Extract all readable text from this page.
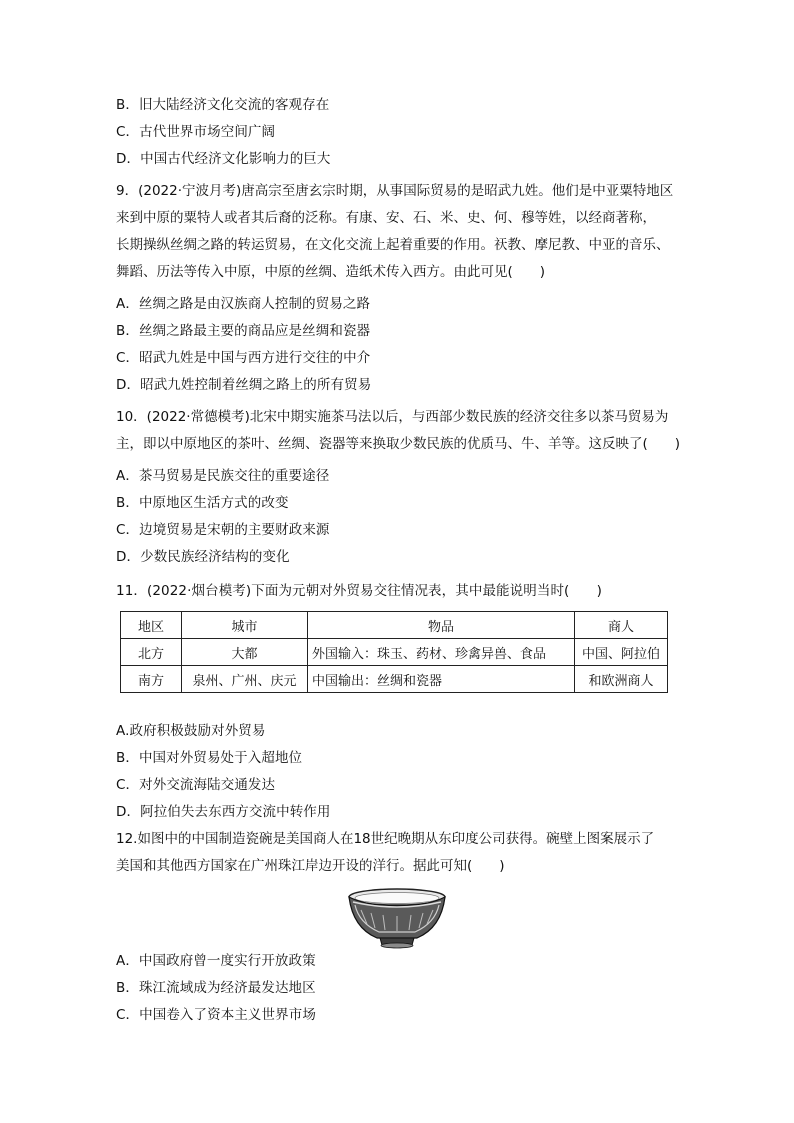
B．旧大陆经济文化交流的客观存在
C．古代世界市场空间广阔
D．中国古代经济文化影响力的巨大
9．(2022·宁波月考)唐高宗至唐玄宗时期，从事国际贸易的是昭武九姓。他们是中亚粟特地区
来到中原的粟特人或者其后裔的泛称。有康、安、石、米、史、何、穆等姓，以经商著称，
长期操纵丝绸之路的转运贸易，在文化交流上起着重要的作用。祆教、摩尼教、中亚的音乐、
舞蹈、历法等传入中原，中原的丝绸、造纸术传入西方。由此可见(　　)
A．丝绸之路是由汉族商人控制的贸易之路
B．丝绸之路最主要的商品应是丝绸和瓷器
C．昭武九姓是中国与西方进行交往的中介
D．昭武九姓控制着丝绸之路上的所有贸易
10．(2022·常德模考)北宋中期实施茶马法以后，与西部少数民族的经济交往多以茶马贸易为
主，即以中原地区的茶叶、丝绸、瓷器等来换取少数民族的优质马、牛、羊等。这反映了(　　)
A．茶马贸易是民族交往的重要途径
B．中原地区生活方式的改变
C．边境贸易是宋朝的主要财政来源
D．少数民族经济结构的变化
11．(2022·烟台模考)下面为元朝对外贸易交往情况表，其中最能说明当时(　　)
地区	城市	物品	商人
北方	大都	外国输入：珠玉、药材、珍禽异兽、食品	中国、阿拉伯
南方	泉州、广州、庆元	中国输出：丝绸和瓷器	和欧洲商人
A.政府积极鼓励对外贸易
B．中国对外贸易处于入超地位
C．对外交流海陆交通发达
D．阿拉伯失去东西方交流中转作用
12.如图中的中国制造瓷碗是美国商人在18世纪晚期从东印度公司获得。碗壁上图案展示了
美国和其他西方国家在广州珠江岸边开设的洋行。据此可知(　　)
A．中国政府曾一度实行开放政策
B．珠江流域成为经济最发达地区
C．中国卷入了资本主义世界市场
